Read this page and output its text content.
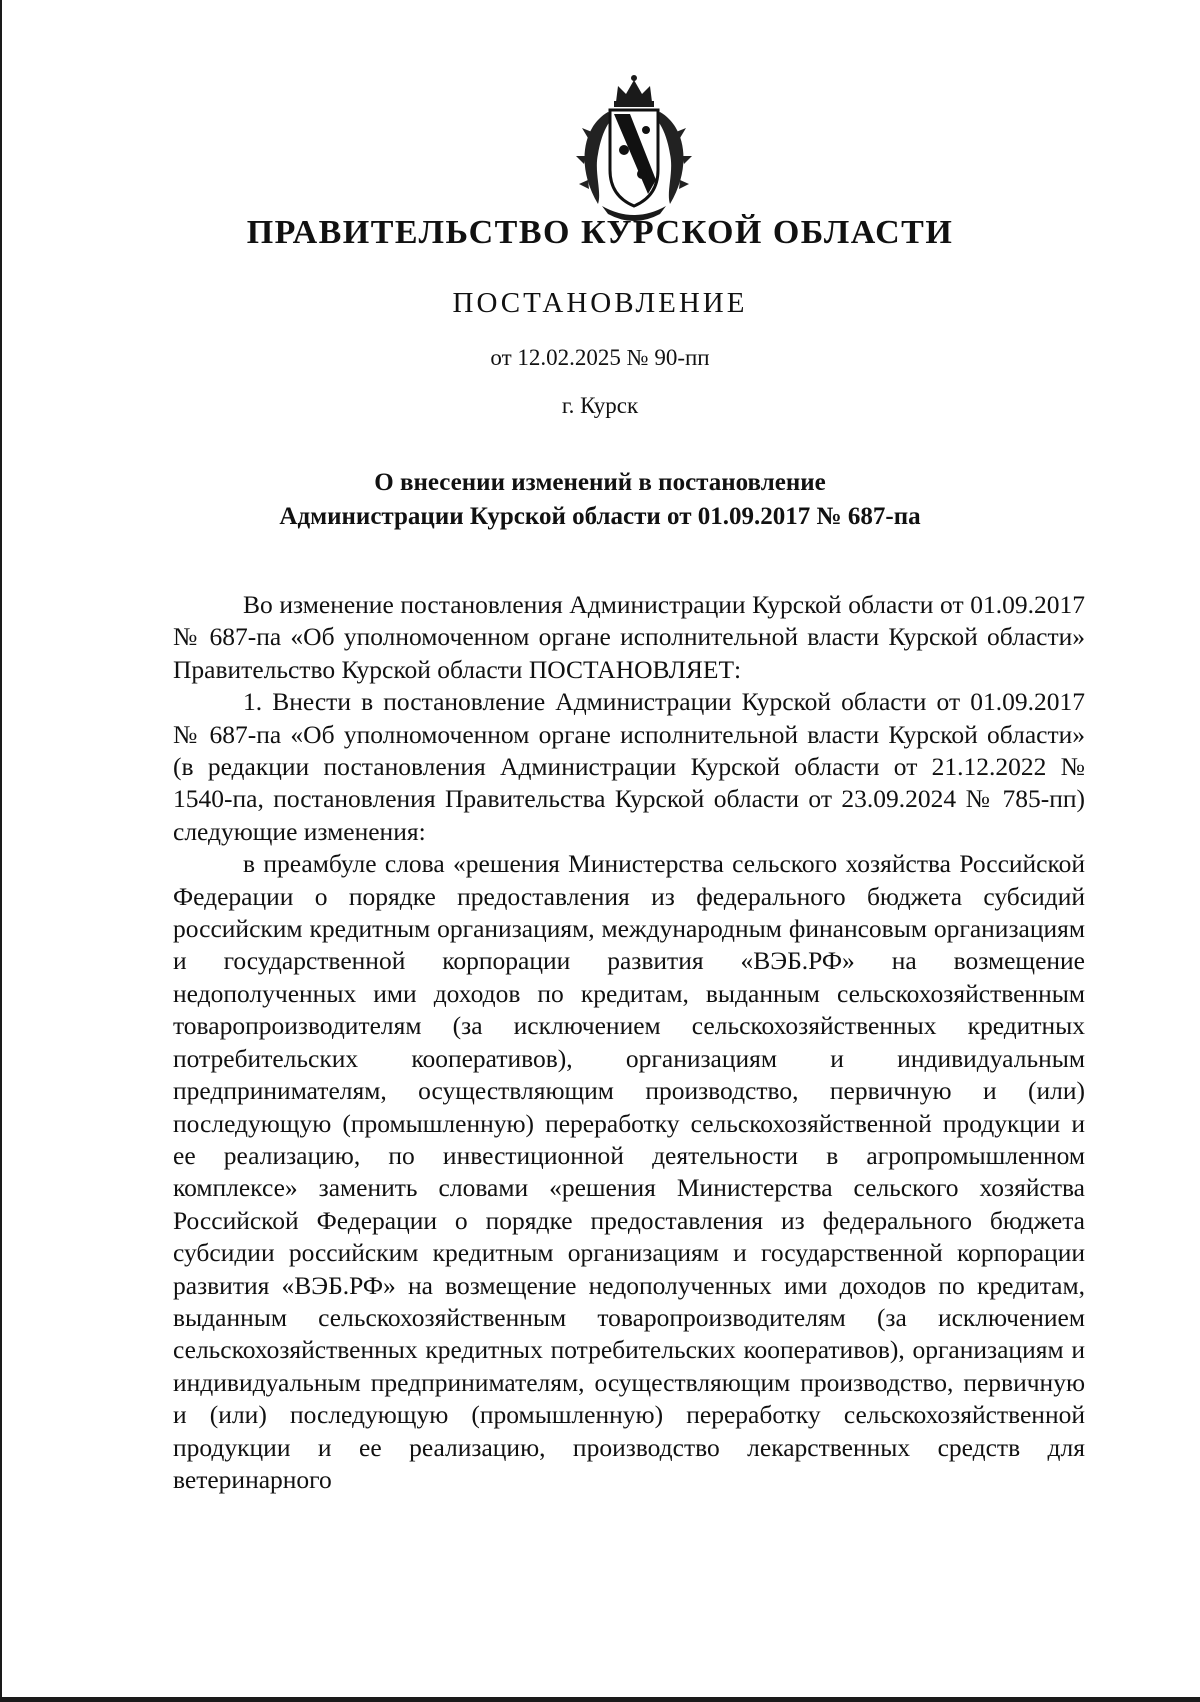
ПРАВИТЕЛЬСТВО КУРСКОЙ ОБЛАСТИ
ПОСТАНОВЛЕНИЕ
от 12.02.2025 № 90-пп
г. Курск
О внесении изменений в постановление
Администрации Курской области от 01.09.2017 № 687-па

Во изменение постановления Администрации Курской области от 01.09.2017 № 687-па «Об уполномоченном органе исполнительной власти Курской области» Правительство Курской области ПОСТАНОВЛЯЕТ:

1. Внести в постановление Администрации Курской области от 01.09.2017 № 687-па «Об уполномоченном органе исполнительной власти Курской области» (в редакции постановления Администрации Курской области от 21.12.2022 № 1540-па, постановления Правительства Курской области от 23.09.2024 № 785-пп) следующие изменения:

в преамбуле слова «решения Министерства сельского хозяйства Российской Федерации о порядке предоставления из федерального бюджета субсидий российским кредитным организациям, международным финансовым организациям и государственной корпорации развития «ВЭБ.РФ» на возмещение недополученных ими доходов по кредитам, выданным сельскохозяйственным товаропроизводителям (за исключением сельскохозяйственных кредитных потребительских кооперативов), организациям и индивидуальным предпринимателям, осуществляющим производство, первичную и (или) последующую (промышленную) переработку сельскохозяйственной продукции и ее реализацию, по инвестиционной деятельности в агропромышленном комплексе» заменить словами «решения Министерства сельского хозяйства Российской Федерации о порядке предоставления из федерального бюджета субсидии российским кредитным организациям и государственной корпорации развития «ВЭБ.РФ» на возмещение недополученных ими доходов по кредитам, выданным сельскохозяйственным товаропроизводителям (за исключением сельскохозяйственных кредитных потребительских кооперативов), организациям и индивидуальным предпринимателям, осуществляющим производство, первичную и (или) последующую (промышленную) переработку сельскохозяйственной продукции и ее реализацию, производство лекарственных средств для ветеринарного
